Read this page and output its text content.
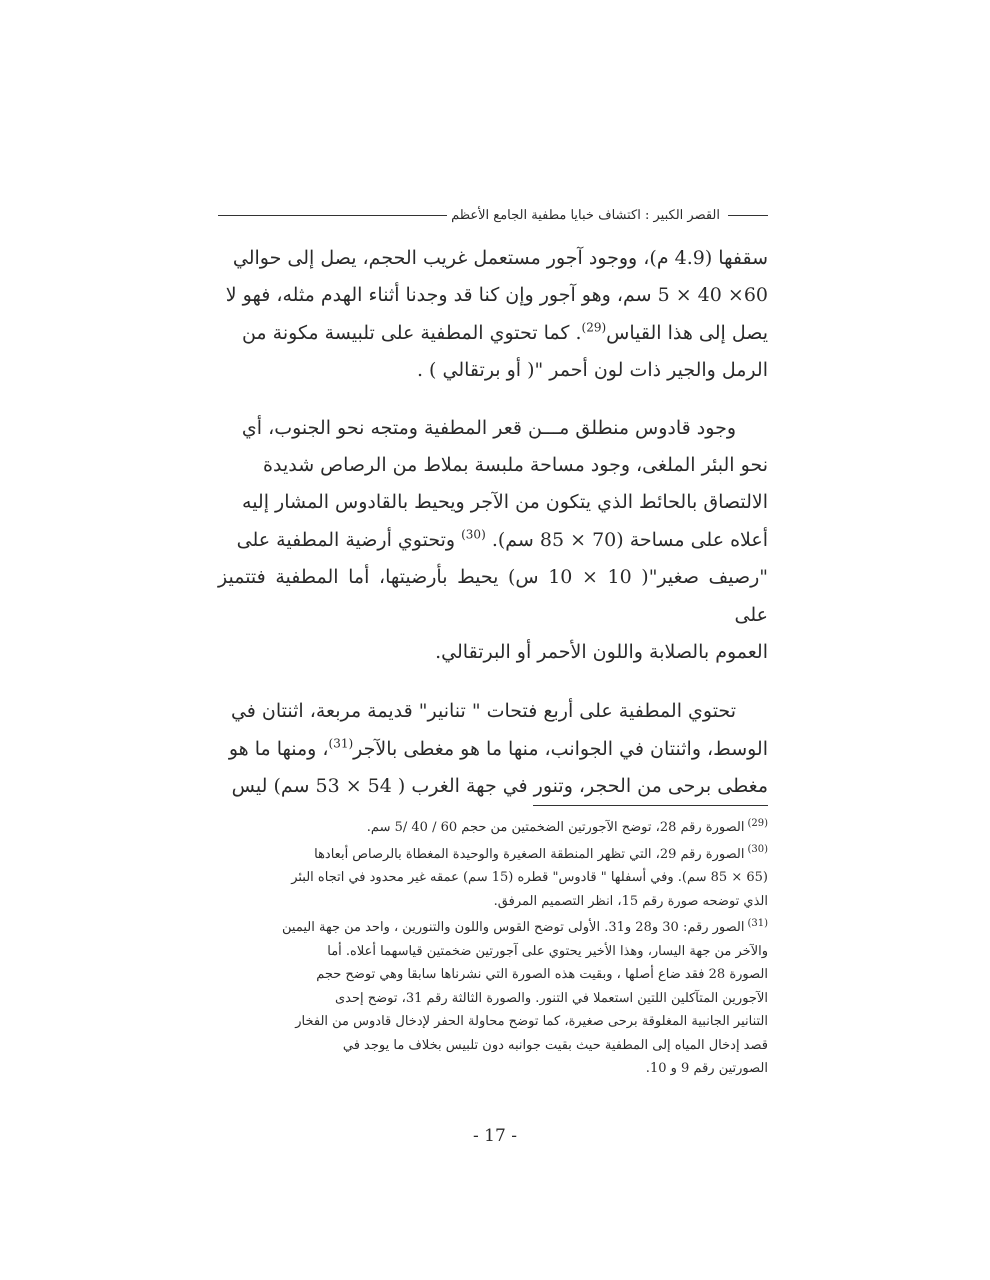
القصر الكبير : اكتشاف خبايا مطفية الجامع الأعظم
سقفها (4.9 م)، ووجود آجور مستعمل غريب الحجم، يصل إلى حوالي
60× 40 × 5 سم، وهو آجور وإن كنا قد وجدنا أثناء الهدم مثله، فهو لا
يصل إلى هذا القياس$^{(29)}$. كما تحتوي المطفية على تلبيسة مكونة من
الرمل والجير ذات لون أحمر "( أو برتقالي ) .
وجود قادوس منطلق مـــن قعر المطفية ومتجه نحو الجنوب، أي
نحو البئر الملغى، وجود مساحة ملبسة بملاط من الرصاص شديدة
الالتصاق بالحائط الذي يتكون من الآجر ويحيط بالقادوس المشار إليه
أعلاه على مساحة (70 × 85 سم). $^{(30)}$ وتحتوي أرضية المطفية على
"رصيف صغير"( 10 × 10 س) يحيط بأرضيتها، أما المطفية فتتميز على
العموم بالصلابة واللون الأحمر أو البرتقالي.
تحتوي المطفية على أربع فتحات " تنانير" قديمة مربعة، اثنتان في
الوسط، واثنتان في الجوانب، منها ما هو مغطى بالآجر$^{(31)}$، ومنها ما هو
مغطى برحى من الحجر، وتنور في جهة الغرب ( 54 × 53 سم) ليس
$^{(29)}$الصورة رقم 28، توضح الآجورتين الضخمتين من حجم 60 / 40 /5 سم.
$^{(30)}$الصورة رقم 29، التي تظهر المنطقة الصغيرة والوحيدة المغطاة بالرصاص أبعادها
(65 × 85 سم). وفي أسفلها " قادوس" قطره (15 سم) عمقه غير محدود في اتجاه البئر
الذي توضحه صورة رقم 15، انظر التصميم المرفق.
$^{(31)}$الصور رقم: 30 و28 و31. الأولى توضح القوس واللون والتنورين ، واحد من جهة اليمين
والآخر من جهة اليسار، وهذا الأخير يحتوي على آجورتين ضخمتين قياسهما أعلاه. أما
الصورة 28 فقد ضاع أصلها ، وبقيت هذه الصورة التي نشرناها سابقا وهي توضح حجم
الآجورين المتآكلين اللتين استعملا في التنور. والصورة الثالثة رقم 31، توضح إحدى
التنانير الجانبية المغلوقة برحى صغيرة، كما توضح محاولة الحفر لإدخال قادوس من الفخار
قصد إدخال المياه إلى المطفية حيث بقيت جوانبه دون تلبيس بخلاف ما يوجد في
الصورتين رقم 9 و 10.
- 17 -
